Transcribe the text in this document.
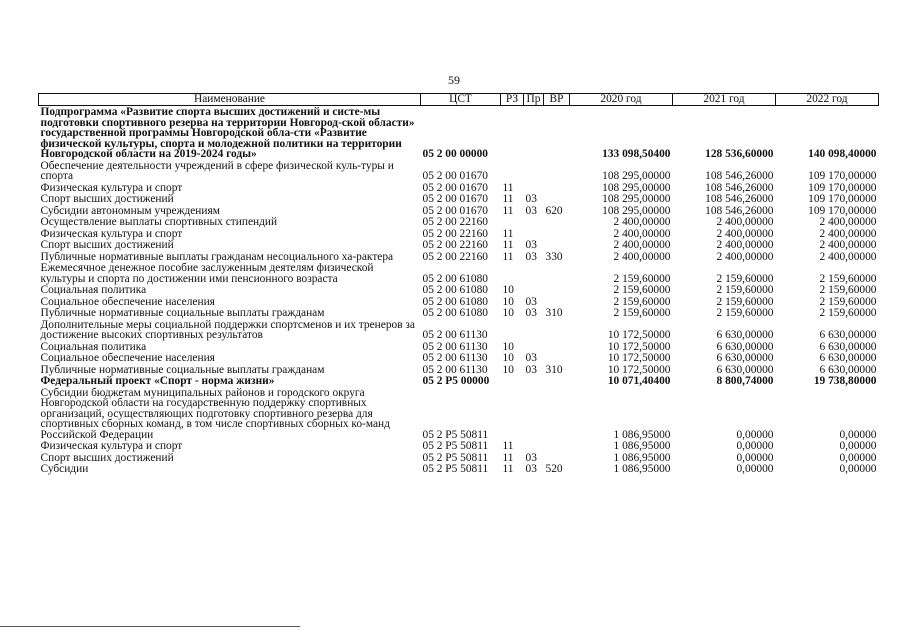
59
Наименование	ЦСТ	РЗ	Пр	ВР	2020 год	2021 год	2022 год
Подпрограмма «Развитие спорта высших достижений и систе-мы подготовки спортивного резерва на территории Новгород-ской области» государственной программы Новгородской обла-сти «Развитие физической культуры, спорта и молодежной политики на территории Новгородской области на 2019-2024 годы»	05 2 00 00000				133 098,50400	128 536,60000	140 098,40000
Обеспечение деятельности учреждений в сфере физической куль-туры и спорта	05 2 00 01670				108 295,00000	108 546,26000	109 170,00000
Физическая культура и спорт	05 2 00 01670	11			108 295,00000	108 546,26000	109 170,00000
Спорт высших достижений	05 2 00 01670	11	03		108 295,00000	108 546,26000	109 170,00000
Субсидии автономным учреждениям	05 2 00 01670	11	03	620	108 295,00000	108 546,26000	109 170,00000
Осуществление выплаты спортивных стипендий	05 2 00 22160				2 400,00000	2 400,00000	2 400,00000
Физическая культура и спорт	05 2 00 22160	11			2 400,00000	2 400,00000	2 400,00000
Спорт высших достижений	05 2 00 22160	11	03		2 400,00000	2 400,00000	2 400,00000
Публичные нормативные выплаты гражданам несоциального ха-рактера	05 2 00 22160	11	03	330	2 400,00000	2 400,00000	2 400,00000
Ежемесячное денежное пособие заслуженным деятелям физической культуры и спорта по достижении ими пенсионного возраста	05 2 00 61080				2 159,60000	2 159,60000	2 159,60000
Социальная политика	05 2 00 61080	10			2 159,60000	2 159,60000	2 159,60000
Социальное обеспечение населения	05 2 00 61080	10	03		2 159,60000	2 159,60000	2 159,60000
Публичные нормативные социальные выплаты гражданам	05 2 00 61080	10	03	310	2 159,60000	2 159,60000	2 159,60000
Дополнительные меры социальной поддержки спортсменов и их тренеров за достижение высоких спортивных результатов	05 2 00 61130				10 172,50000	6 630,00000	6 630,00000
Социальная политика	05 2 00 61130	10			10 172,50000	6 630,00000	6 630,00000
Социальное обеспечение населения	05 2 00 61130	10	03		10 172,50000	6 630,00000	6 630,00000
Публичные нормативные социальные выплаты гражданам	05 2 00 61130	10	03	310	10 172,50000	6 630,00000	6 630,00000
Федеральный проект «Спорт - норма жизни»	05 2 P5 00000				10 071,40400	8 800,74000	19 738,80000
Субсидии бюджетам муниципальных районов и городского округа Новгородской области на государственную поддержку спортивных организаций, осуществляющих подготовку спортивного резерва для спортивных сборных команд, в том числе спортивных сборных ко-манд Российской Федерации	05 2 P5 50811				1 086,95000	0,00000	0,00000
Физическая культура и спорт	05 2 P5 50811	11			1 086,95000	0,00000	0,00000
Спорт высших достижений	05 2 P5 50811	11	03		1 086,95000	0,00000	0,00000
Субсидии	05 2 P5 50811	11	03	520	1 086,95000	0,00000	0,00000
